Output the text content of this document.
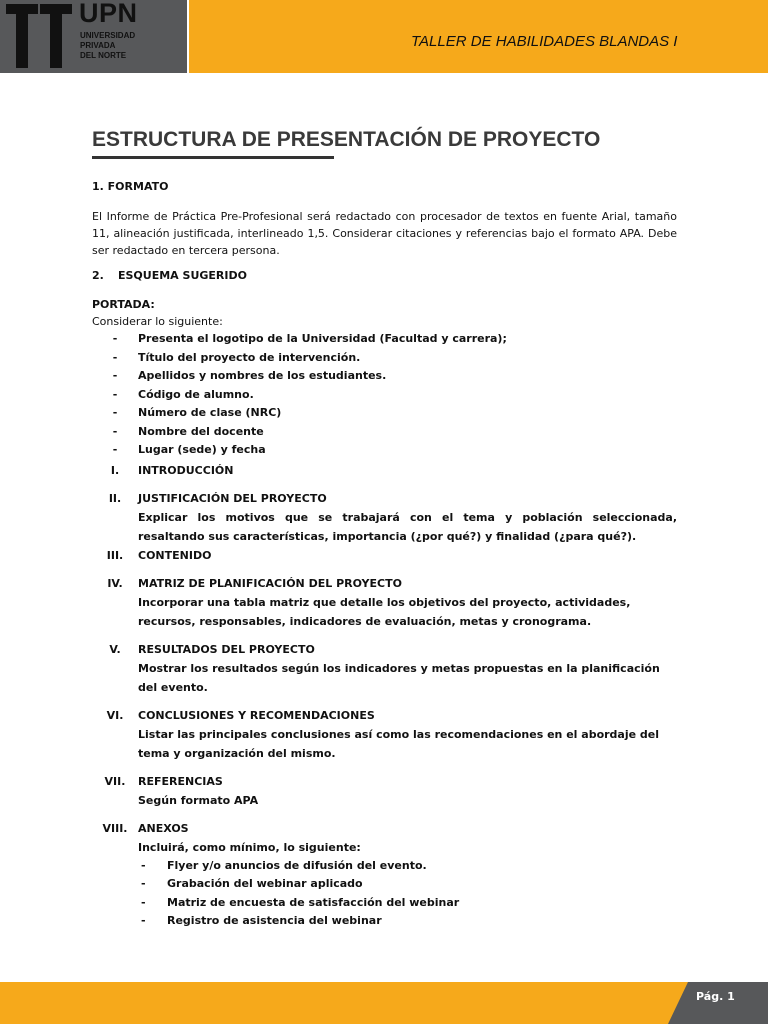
UPN
UNIVERSIDAD
PRIVADA
DEL NORTE
TALLER DE HABILIDADES BLANDAS I
ESTRUCTURA DE PRESENTACIÓN DE PROYECTO

1. FORMATO

El Informe de Práctica Pre-Profesional será redactado con procesador de textos en fuente Arial, tamaño 11, alineación justificada, interlineado 1,5. Considerar citaciones y referencias bajo el formato APA. Debe ser redactado en tercera persona.

2.	ESQUEMA SUGERIDO

PORTADA:

Considerar lo siguiente:

-	Presenta el logotipo de la Universidad (Facultad y carrera);
-	Título del proyecto de intervención.
-	Apellidos y nombres de los estudiantes.
-	Código de alumno.
-	Número de clase (NRC)
-	Nombre del docente
-	Lugar (sede) y fecha
I.	INTRODUCCIÓN
II.	JUSTIFICACIÓN DEL PROYECTO
Explicar los motivos que se trabajará con el tema y población seleccionada, resaltando sus características, importancia (¿por qué?) y finalidad (¿para qué?).
III.	CONTENIDO
IV.	MATRIZ DE PLANIFICACIÓN DEL PROYECTO
Incorporar una tabla matriz que detalle los objetivos del proyecto, actividades, recursos, responsables, indicadores de evaluación, metas y cronograma.
V.	RESULTADOS DEL PROYECTO
Mostrar los resultados según los indicadores y metas propuestas en la planificación del evento.
VI.	CONCLUSIONES Y RECOMENDACIONES
Listar las principales conclusiones así como las recomendaciones en el abordaje del tema y organización del mismo.
VII.	REFERENCIAS
Según formato APA
VIII. ANEXOS
Incluirá, como mínimo, lo siguiente:
-	Flyer y/o anuncios de difusión del evento.
-	Grabación del webinar aplicado
-	Matriz de encuesta de satisfacción del webinar
-	Registro de asistencia del webinar
Pág. 1
